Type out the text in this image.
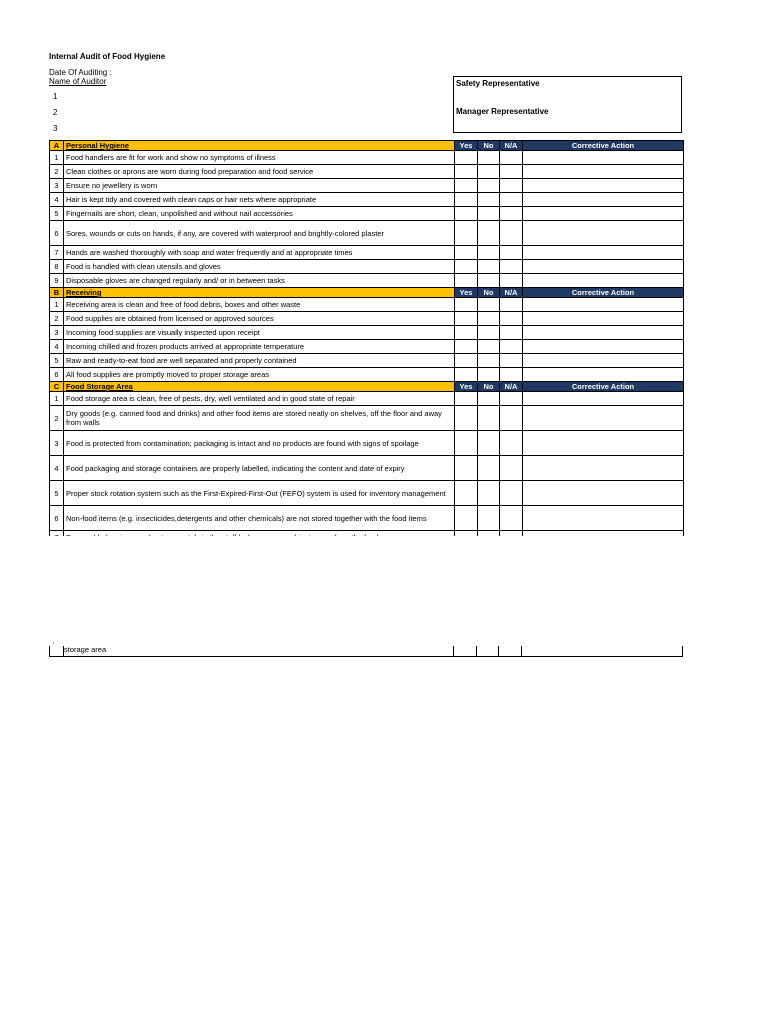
Internal Audit of Food Hygiene
Date Of Auditing :
Name of Auditor
1
2
3
Safety Representative
Manager Representative
A	Personal Hygiene	Yes	No	N/A	Corrective Action
1	Food handlers are fit for work and show no symptoms of illness				
2	Clean clothes or aprons are worn during food preparation and food service				
3	Ensure no jewellery is worn				
4	Hair is kept tidy and covered with clean caps or hair nets where appropriate				
5	Fingernails are short, clean, unpolished and without nail accessories				
6	Sores, wounds or cuts on hands, if any, are covered with waterproof and brightly-colored plaster				
7	Hands are washed thoroughly with soap and water frequently and at appropriate times				
8	Food is handled with clean utensils and gloves				
9	Disposable gloves are changed regularly and/ or in between tasks				
B	Receiving	Yes	No	N/A	Corrective Action
1	Receiving area is clean and free of food debris, boxes and other waste				
2	Food supplies are obtained from licensed or approved sources				
3	Incoming food supplies are visually inspected upon receipt				
4	Incoming chilled and frozen products arrived at appropriate temperature				
5	Raw and ready-to-eat food are well separated and properly contained				
6	All food supplies are promptly moved to proper storage areas				
C	Food Storage Area	Yes	No	N/A	Corrective Action
1	Food storage area is clean, free of pests, dry, well ventilated and in good state of repair				
2	Dry goods (e.g. canned food and drinks) and other food items are stored neatly on shelves, off the floor and away from walls				
3	Food is protected from contamination; packaging is intact and no products are found with signs of spoilage				
4	Food packaging and storage containers are properly labelled, indicating the content and date of expiry				
5	Proper stock rotation system such as the First-Expired-First-Out (FEFO) system is used for inventory management				
6	Non-food items (e.g. insecticides,detergents and other chemicals) are not stored together with the food items				

' storage area
